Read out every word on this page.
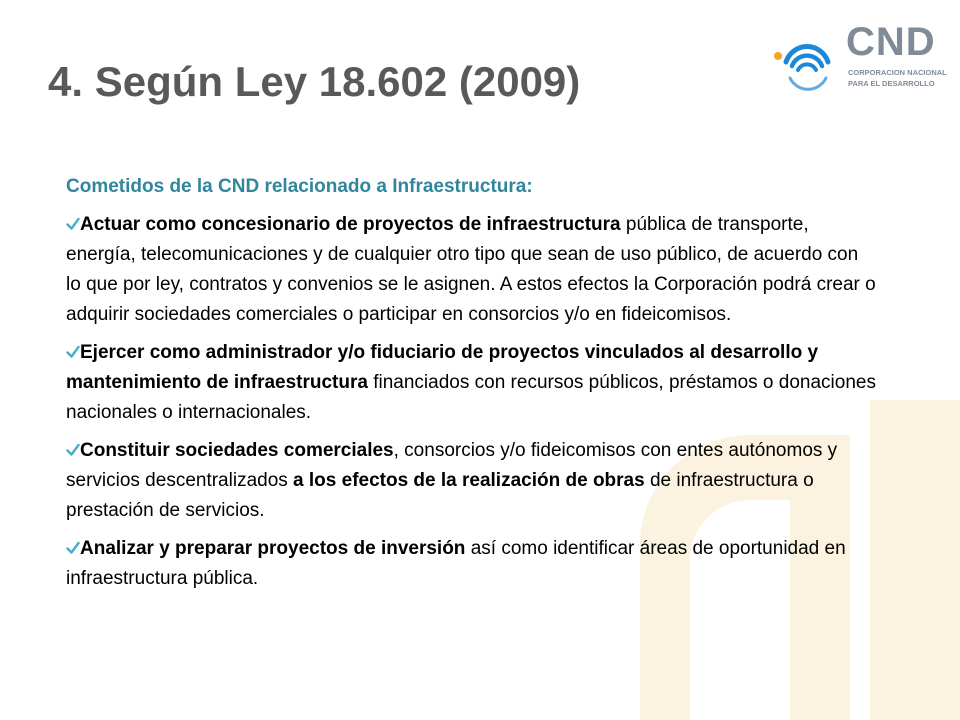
4. Según Ley 18.602 (2009)
CND
CORPORACION NACIONAL
PARA EL DESARROLLO

Cometidos de la CND relacionado a Infraestructura:

Actuar como concesionario de proyectos de infraestructura pública de transporte, energía, telecomunicaciones y de cualquier otro tipo que sean de uso público, de acuerdo con lo que por ley, contratos y convenios se le asignen. A estos efectos la Corporación podrá crear o adquirir sociedades comerciales o participar en consorcios y/o en fideicomisos.
Ejercer como administrador y/o fiduciario de proyectos vinculados al desarrollo y mantenimiento de infraestructura financiados con recursos públicos, préstamos o donaciones nacionales o internacionales.
Constituir sociedades comerciales, consorcios y/o fideicomisos con entes autónomos y servicios descentralizados a los efectos de la realización de obras de infraestructura o prestación de servicios.
Analizar y preparar proyectos de inversión así como identificar áreas de oportunidad en infraestructura pública.
